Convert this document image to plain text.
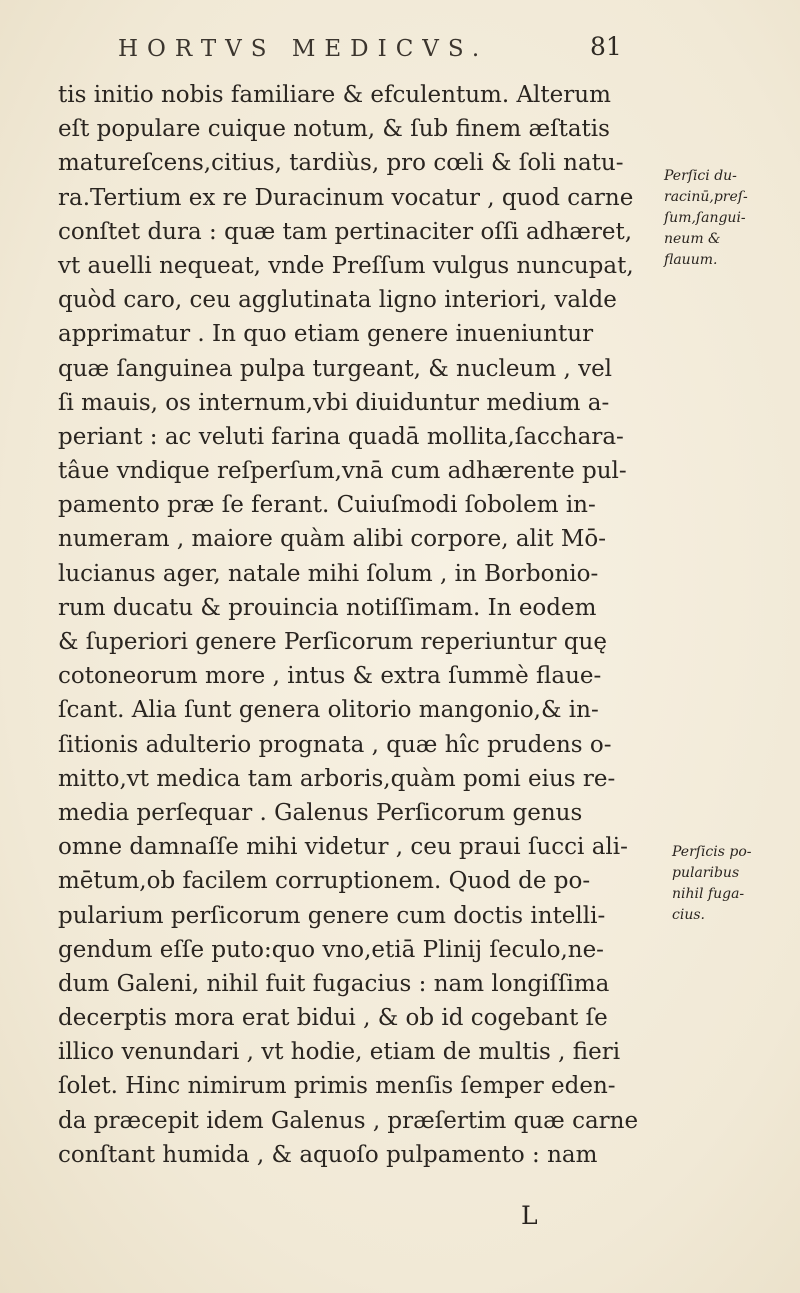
HORTVS MEDICVS.	81
tis initio nobis familiare & efculentum. Alterum
eſt populare cuique notum, & ſub finem æſtatis
matureſcens,citius, tardiùs, pro cœli & ſoli natu-
ra.Tertium ex re Duracinum vocatur , quod carne
conſtet dura : quæ tam pertinaciter oſſi adhæret,
vt auelli nequeat, vnde Preſſum vulgus nuncupat,
quòd caro, ceu agglutinata ligno interiori, valde
apprimatur . In quo etiam genere inueniuntur
quæ ſanguinea pulpa turgeant, & nucleum , vel
ſi mauis, os internum,vbi diuiduntur medium a-
periant : ac veluti farina quadā mollita,ſacchara-
tâue vndique reſperſum,vnā cum adhærente pul-
pamento præ ſe ferant. Cuiuſmodi ſobolem in-
numeram , maiore quàm alibi corpore, alit Mō-
lucianus ager, natale mihi ſolum , in Borbonio-
rum ducatu & prouincia notiſſimam. In eodem
& ſuperiori genere Perſicorum reperiuntur quę
cotoneorum more , intus & extra ſummè flaue-
ſcant. Alia ſunt genera olitorio mangonio,& in-
ſitionis adulterio prognata , quæ hîc prudens o-
mitto,vt medica tam arboris,quàm pomi eius re-
media perſequar . Galenus Perſicorum genus
omne damnaſſe mihi videtur , ceu praui ſucci ali-
mētum,ob facilem corruptionem. Quod de po-
pularium perſicorum genere cum doctis intelli-
gendum eſſe puto:quo vno,etiā Plinij ſeculo,ne-
dum Galeni, nihil fuit fugacius : nam longiſſima
decerptis mora erat bidui , & ob id cogebant ſe
illico venundari , vt hodie, etiam de multis , fieri
ſolet. Hinc nimirum primis menſis ſemper eden-
da præcepit idem Galenus , præſertim quæ carne
conſtant humida , & aquoſo pulpamento : nam
Perſici du-
racinū,preſ-
ſum,ſangui-
neum &
flauum.
Perſicis po-
pularibus
nihil fuga-
cius.
L
